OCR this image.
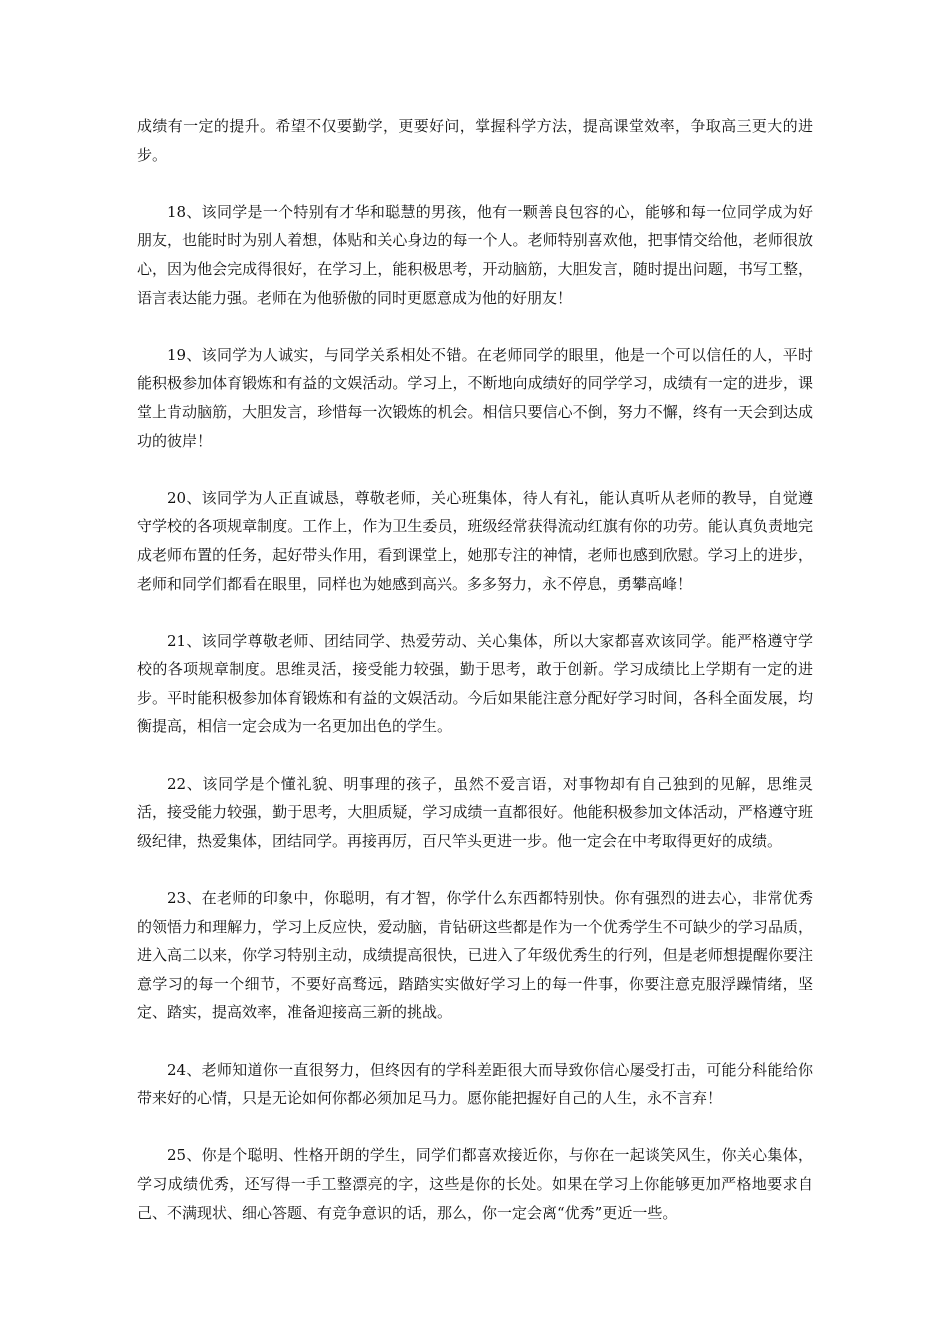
成绩有一定的提升。希望不仅要勤学，更要好问，掌握科学方法，提高课堂效率，争取高三更大的进步。

18、该同学是一个特别有才华和聪慧的男孩，他有一颗善良包容的心，能够和每一位同学成为好朋友，也能时时为别人着想，体贴和关心身边的每一个人。老师特别喜欢他，把事情交给他，老师很放心，因为他会完成得很好，在学习上，能积极思考，开动脑筋，大胆发言，随时提出问题，书写工整，语言表达能力强。老师在为他骄傲的同时更愿意成为他的好朋友！

19、该同学为人诚实，与同学关系相处不错。在老师同学的眼里，他是一个可以信任的人，平时能积极参加体育锻炼和有益的文娱活动。学习上，不断地向成绩好的同学学习，成绩有一定的进步，课堂上肯动脑筋，大胆发言，珍惜每一次锻炼的机会。相信只要信心不倒，努力不懈，终有一天会到达成功的彼岸！

20、该同学为人正直诚恳，尊敬老师，关心班集体，待人有礼，能认真听从老师的教导，自觉遵守学校的各项规章制度。工作上，作为卫生委员，班级经常获得流动红旗有你的功劳。能认真负责地完成老师布置的任务，起好带头作用，看到课堂上，她那专注的神情，老师也感到欣慰。学习上的进步，老师和同学们都看在眼里，同样也为她感到高兴。多多努力，永不停息，勇攀高峰！

21、该同学尊敬老师、团结同学、热爱劳动、关心集体，所以大家都喜欢该同学。能严格遵守学校的各项规章制度。思维灵活，接受能力较强，勤于思考，敢于创新。学习成绩比上学期有一定的进步。平时能积极参加体育锻炼和有益的文娱活动。今后如果能注意分配好学习时间，各科全面发展，均衡提高，相信一定会成为一名更加出色的学生。

22、该同学是个懂礼貌、明事理的孩子，虽然不爱言语，对事物却有自己独到的见解，思维灵活，接受能力较强，勤于思考，大胆质疑，学习成绩一直都很好。他能积极参加文体活动，严格遵守班级纪律，热爱集体，团结同学。再接再厉，百尺竿头更进一步。他一定会在中考取得更好的成绩。

23、在老师的印象中，你聪明，有才智，你学什么东西都特别快。你有强烈的进去心，非常优秀的领悟力和理解力，学习上反应快，爱动脑，肯钻研这些都是作为一个优秀学生不可缺少的学习品质，进入高二以来，你学习特别主动，成绩提高很快，已进入了年级优秀生的行列，但是老师想提醒你要注意学习的每一个细节，不要好高骛远，踏踏实实做好学习上的每一件事，你要注意克服浮躁情绪，坚定、踏实，提高效率，准备迎接高三新的挑战。

24、老师知道你一直很努力，但终因有的学科差距很大而导致你信心屡受打击，可能分科能给你带来好的心情，只是无论如何你都必须加足马力。愿你能把握好自己的人生，永不言弃！

25、你是个聪明、性格开朗的学生，同学们都喜欢接近你，与你在一起谈笑风生，你关心集体，学习成绩优秀，还写得一手工整漂亮的字，这些是你的长处。如果在学习上你能够更加严格地要求自己、不满现状、细心答题、有竞争意识的话，那么，你一定会离“优秀”更近一些。
